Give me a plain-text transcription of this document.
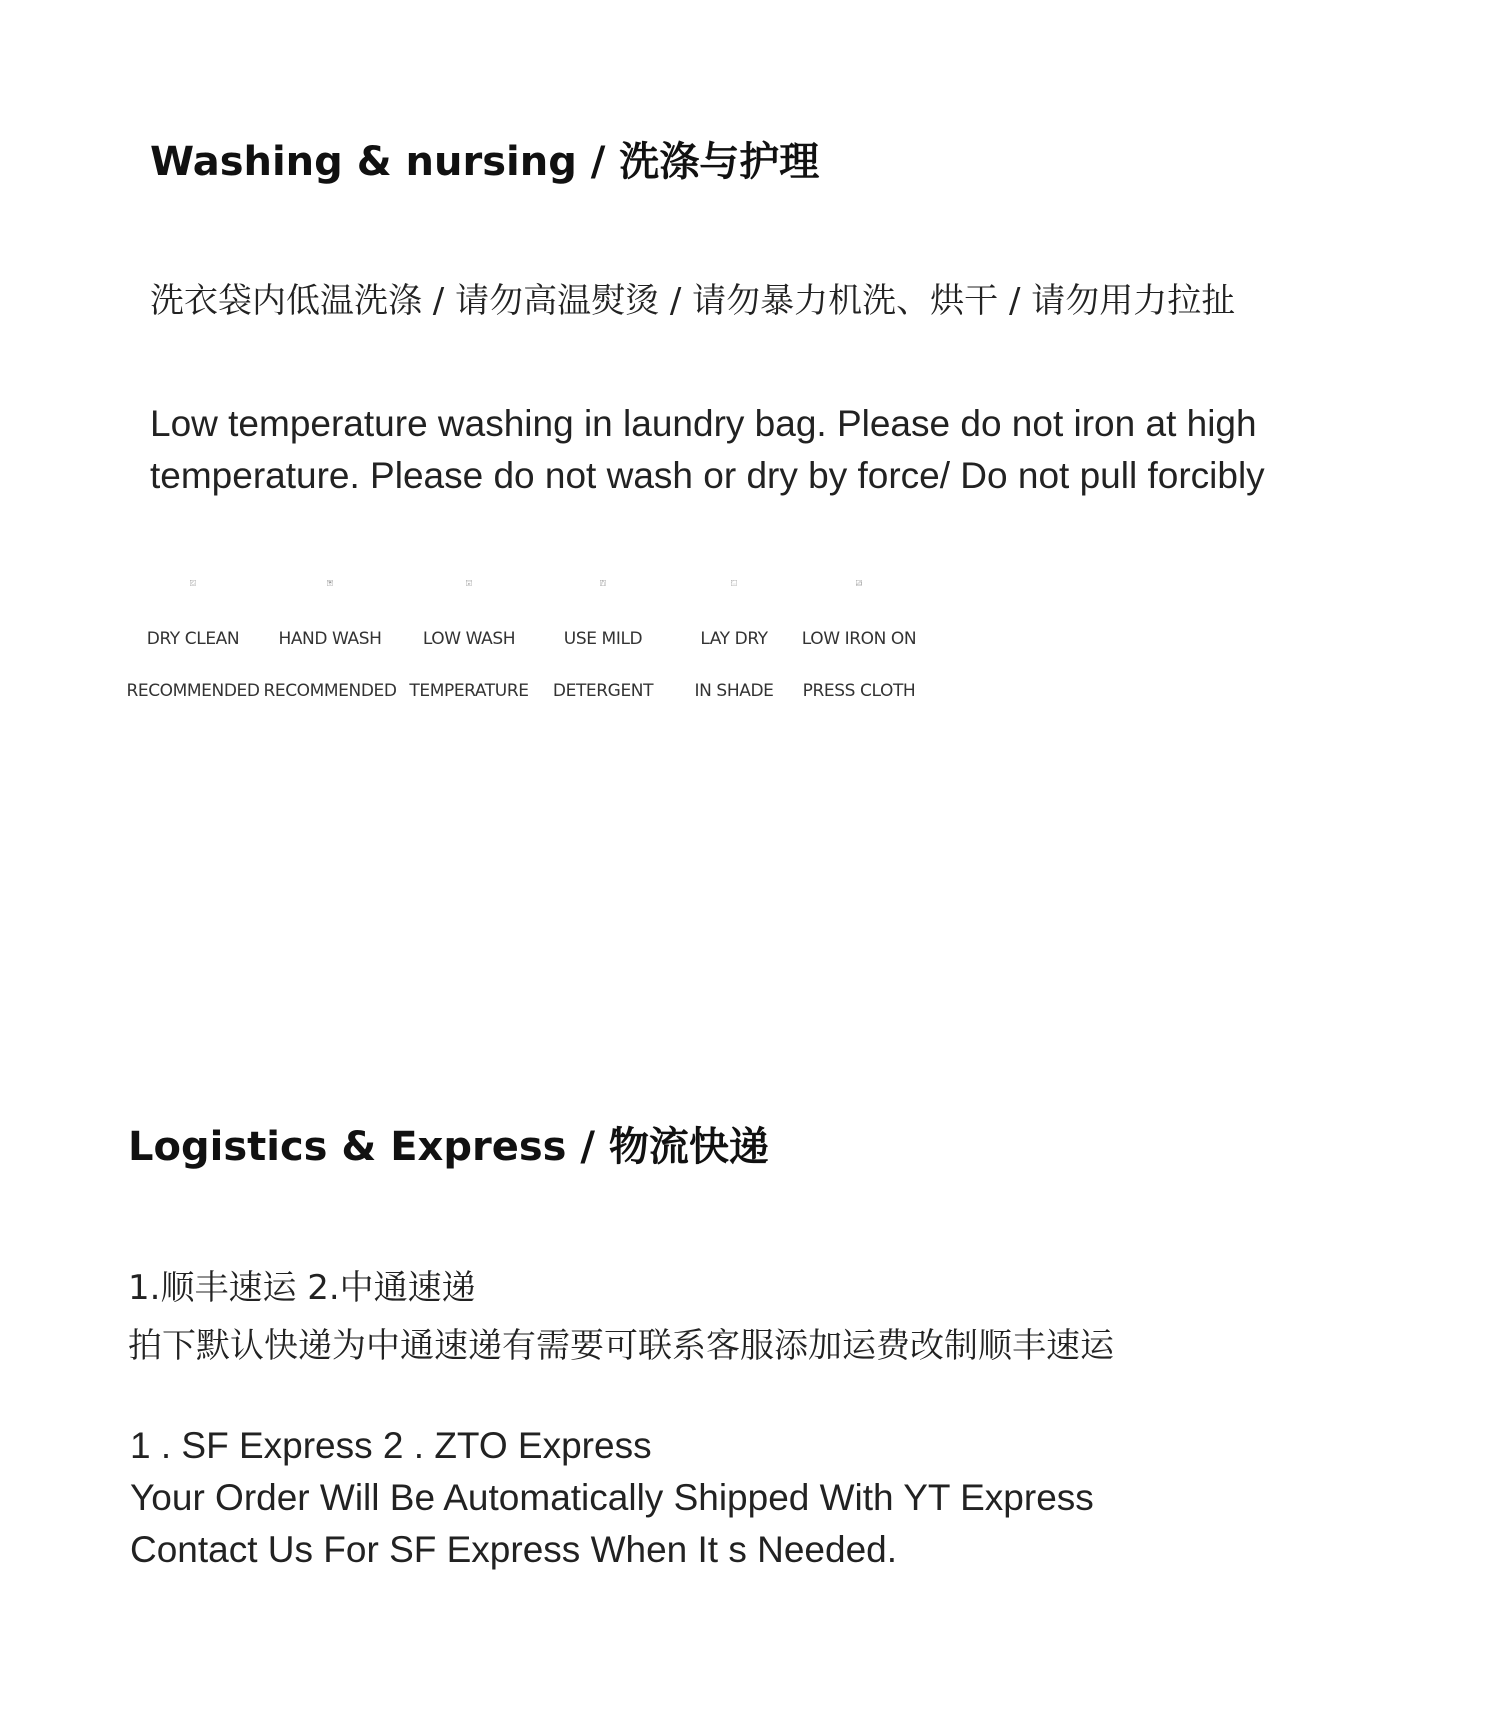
Washing & nursing / 洗涤与护理
洗衣袋内低温洗涤 / 请勿高温熨烫 / 请勿暴力机洗、烘干 / 请勿用力拉扯
Low temperature washing in laundry bag. Please do not iron at high
temperature. Please do not wash or dry by force/ Do not pull forcibly

DRY CLEAN

RECOMMENDED

HAND WASH

RECOMMENDED

40

LOW WASH

TEMPERATURE

USE MILD

DETERGENT

LAY DRY

IN SHADE

LOW IRON ON

PRESS CLOTH

Logistics & Express / 物流快递
1.顺丰速运 2.中通速递
拍下默认快递为中通速递有需要可联系客服添加运费改制顺丰速运
1 . SF Express 2 . ZTO Express
Your Order Will Be Automatically Shipped With YT Express
Contact Us For SF Express When It s Needed.
